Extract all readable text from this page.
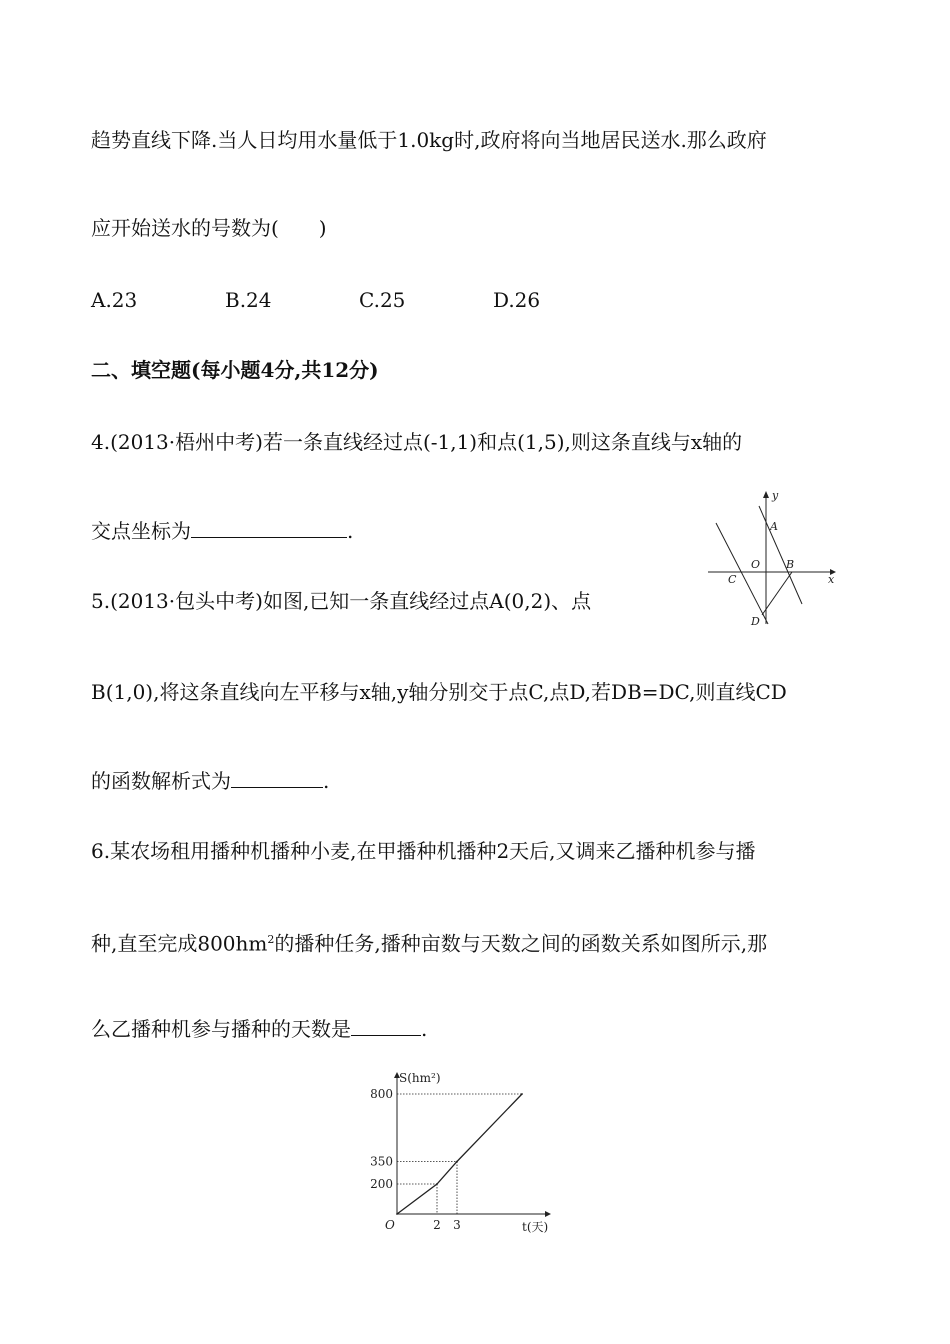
趋势直线下降.当人日均用水量低于1.0kg时,政府将向当地居民送水.那么政府
应开始送水的号数为(　　)
A.23	B.24	C.25	D.26
二、填空题(每小题4分,共12分)
4.(2013·梧州中考)若一条直线经过点(-1,1)和点(1,5),则这条直线与x轴的
交点坐标为	.
5.(2013·包头中考)如图,已知一条直线经过点A(0,2)、点
B(1,0),将这条直线向左平移与x轴,y轴分别交于点C,点D,若DB=DC,则直线CD
的函数解析式为	.
y
A
O B
C	x
D
6.某农场租用播种机播种小麦,在甲播种机播种2天后,又调来乙播种机参与播
种,直至完成$800hm^2$的播种任务,播种亩数与天数之间的函数关系如图所示,那
么乙播种机参与播种的天数是	.
200
350
800
2 3
O
S(hm²)
t(天)
